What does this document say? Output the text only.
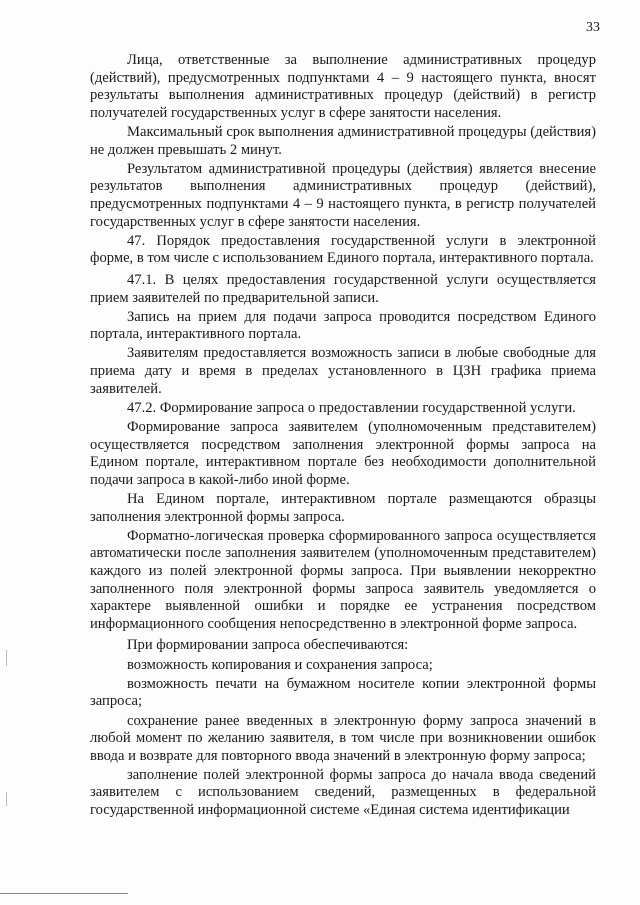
33

Лица, ответственные за выполнение административных процедур (действий), предусмотренных подпунктами 4 – 9 настоящего пункта, вносят результаты выполнения административных процедур (действий) в регистр получателей государственных услуг в сфере занятости населения.

Максимальный срок выполнения административной процедуры (действия) не должен превышать 2 минут.

Результатом административной процедуры (действия) является внесение результатов выполнения административных процедур (действий), предусмотренных подпунктами 4 – 9 настоящего пункта, в регистр получателей государственных услуг в сфере занятости населения.

47. Порядок предоставления государственной услуги в электронной форме, в том числе с использованием Единого портала, интерактивного портала.

47.1. В целях предоставления государственной услуги осуществляется прием заявителей по предварительной записи.

Запись на прием для подачи запроса проводится посредством Единого портала, интерактивного портала.

Заявителям предоставляется возможность записи в любые свободные для приема дату и время в пределах установленного в ЦЗН графика приема заявителей.

47.2. Формирование запроса о предоставлении государственной услуги.

Формирование запроса заявителем (уполномоченным представителем) осуществляется посредством заполнения электронной формы запроса на Едином портале, интерактивном портале без необходимости дополнительной подачи запроса в какой-либо иной форме.

На Едином портале, интерактивном портале размещаются образцы заполнения электронной формы запроса.

Форматно-логическая проверка сформированного запроса осуществляется автоматически после заполнения заявителем (уполномоченным представителем) каждого из полей электронной формы запроса. При выявлении некорректно заполненного поля электронной формы запроса заявитель уведомляется о характере выявленной ошибки и порядке ее устранения посредством информационного сообщения непосредственно в электронной форме запроса.

При формировании запроса обеспечиваются:

возможность копирования и сохранения запроса;

возможность печати на бумажном носителе копии электронной формы запроса;

сохранение ранее введенных в электронную форму запроса значений в любой момент по желанию заявителя, в том числе при возникновении ошибок ввода и возврате для повторного ввода значений в электронную форму запроса;

заполнение полей электронной формы запроса до начала ввода сведений заявителем с использованием сведений, размещенных в федеральной государственной информационной системе «Единая система идентификации
